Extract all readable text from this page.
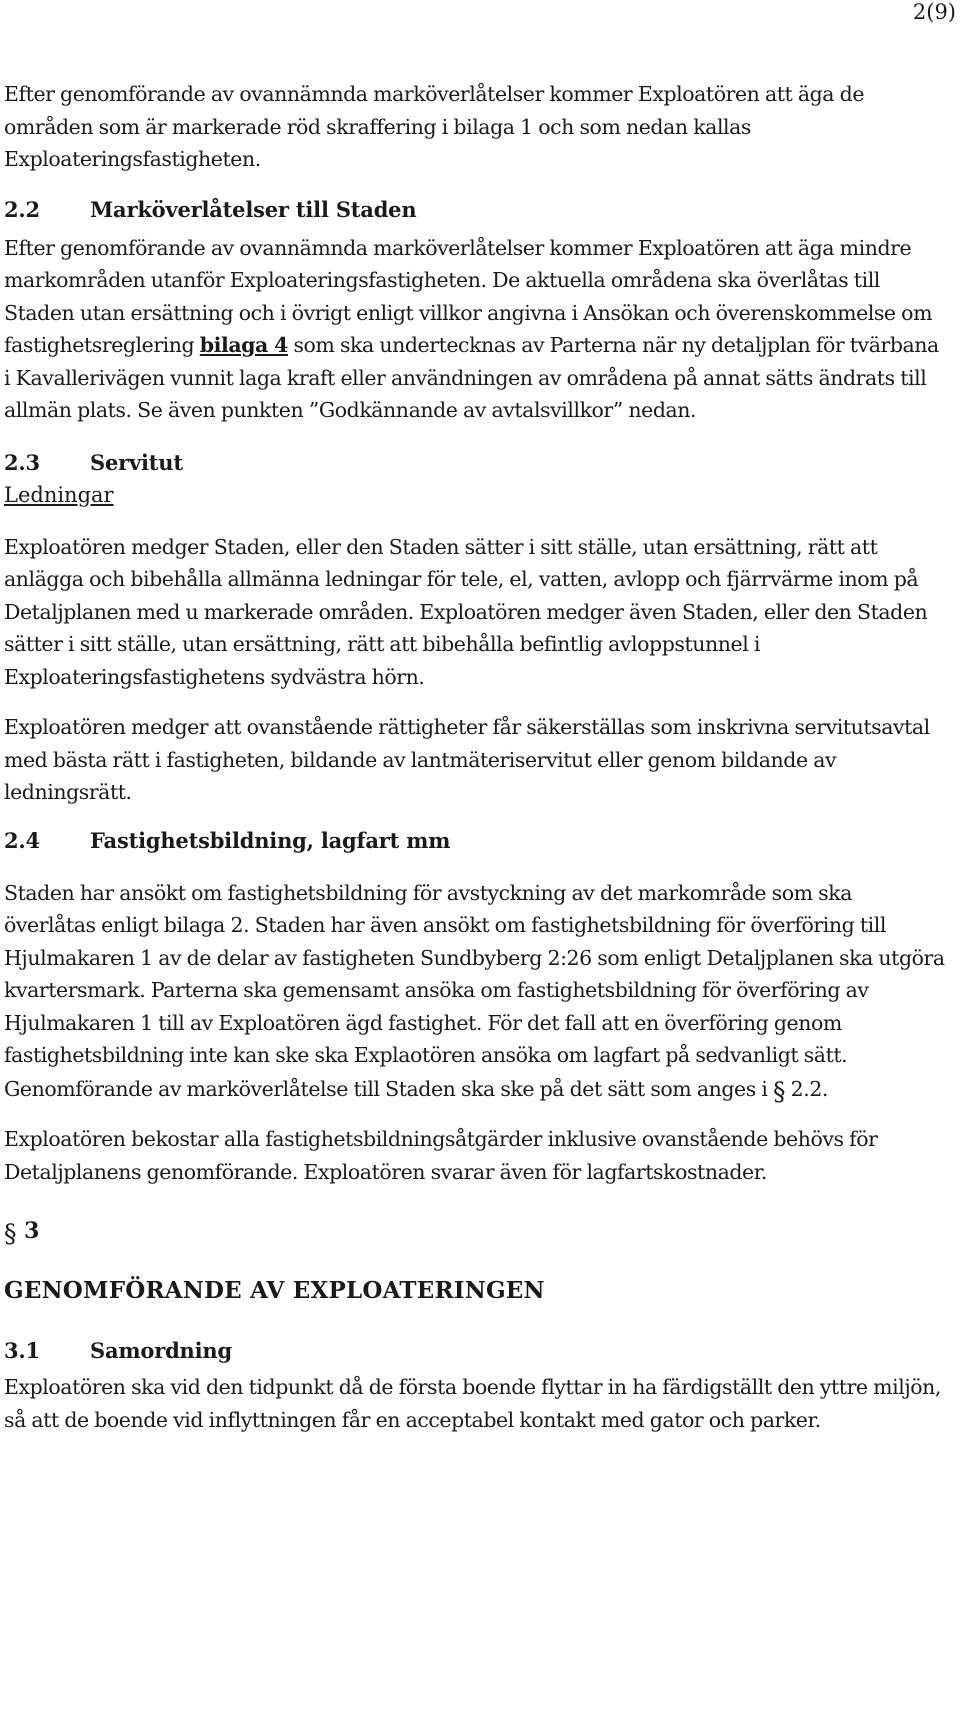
2(9)

Efter genomförande av ovannämnda marköverlåtelser kommer Exploatören att äga de områden som är markerade röd skraffering i bilaga 1 och som nedan kallas Exploateringsfastigheten.

2.2 Marköverlåtelser till Staden

Efter genomförande av ovannämnda marköverlåtelser kommer Exploatören att äga mindre markområden utanför Exploateringsfastigheten. De aktuella områdena ska överlåtas till Staden utan ersättning och i övrigt enligt villkor angivna i Ansökan och överenskommelse om fastighetsreglering bilaga 4 som ska undertecknas av Parterna när ny detaljplan för tvärbana i Kavallerivägen vunnit laga kraft eller användningen av områdena på annat sätts ändrats till allmän plats. Se även punkten ”Godkännande av avtalsvillkor” nedan.

2.3 Servitut
Ledningar

Exploatören medger Staden, eller den Staden sätter i sitt ställe, utan ersättning, rätt att anlägga och bibehålla allmänna ledningar för tele, el, vatten, avlopp och fjärrvärme inom på Detaljplanen med u markerade områden. Exploatören medger även Staden, eller den Staden sätter i sitt ställe, utan ersättning, rätt att bibehålla befintlig avloppstunnel i Exploateringsfastighetens sydvästra hörn.

Exploatören medger att ovanstående rättigheter får säkerställas som inskrivna servitutsavtal med bästa rätt i fastigheten, bildande av lantmäteriservitut eller genom bildande av ledningsrätt.

2.4 Fastighetsbildning, lagfart mm

Staden har ansökt om fastighetsbildning för avstyckning av det markområde som ska överlåtas enligt bilaga 2. Staden har även ansökt om fastighetsbildning för överföring till Hjulmakaren 1 av de delar av fastigheten Sundbyberg 2:26 som enligt Detaljplanen ska utgöra kvartersmark. Parterna ska gemensamt ansöka om fastighetsbildning för överföring av Hjulmakaren 1 till av Exploatören ägd fastighet. För det fall att en överföring genom fastighetsbildning inte kan ske ska Explaotören ansöka om lagfart på sedvanligt sätt. Genomförande av marköverlåtelse till Staden ska ske på det sätt som anges i § 2.2.

Exploatören bekostar alla fastighetsbildningsåtgärder inklusive ovanstående behövs för Detaljplanens genomförande. Exploatören svarar även för lagfartskostnader.

§ 3
GENOMFÖRANDE AV EXPLOATERINGEN
3.1 Samordning

Exploatören ska vid den tidpunkt då de första boende flyttar in ha färdigställt den yttre miljön, så att de boende vid inflyttningen får en acceptabel kontakt med gator och parker.
